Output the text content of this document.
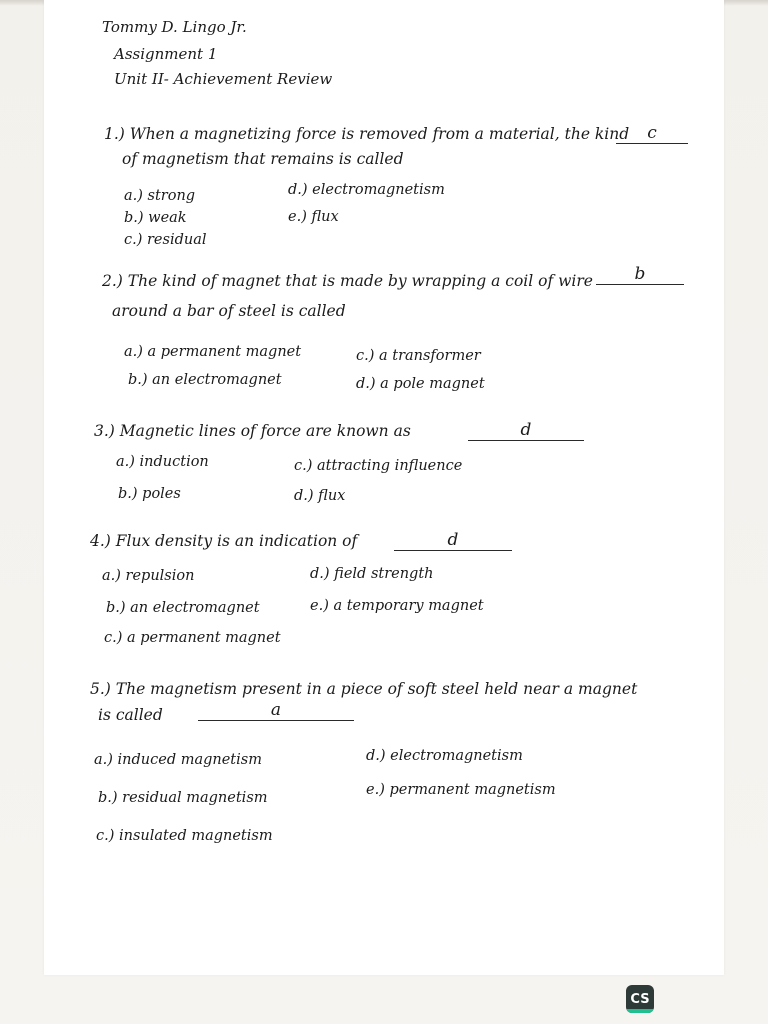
Tommy D. Lingo Jr.
Assignment 1
Unit II- Achievement Review
1.) When a magnetizing force is removed from a material, the kind	c
of magnetism that remains is called
a.) strong
b.) weak
c.) residual
d.) electromagnetism
e.) flux
2.) The kind of magnet that is made by wrapping a coil of wire	b
around a bar of steel is called
a.) a permanent magnet
b.) an electromagnet
c.) a transformer
d.) a pole magnet
3.) Magnetic lines of force are known as	d
a.) induction
b.) poles
c.) attracting influence
d.) flux
4.) Flux density is an indication of	d
a.) repulsion
b.) an electromagnet
c.) a permanent magnet
d.) field strength
e.) a temporary magnet
5.) The magnetism present in a piece of soft steel held near a magnet
is called	a
a.) induced magnetism
b.) residual magnetism
c.) insulated magnetism
d.) electromagnetism
e.) permanent magnetism
CS
